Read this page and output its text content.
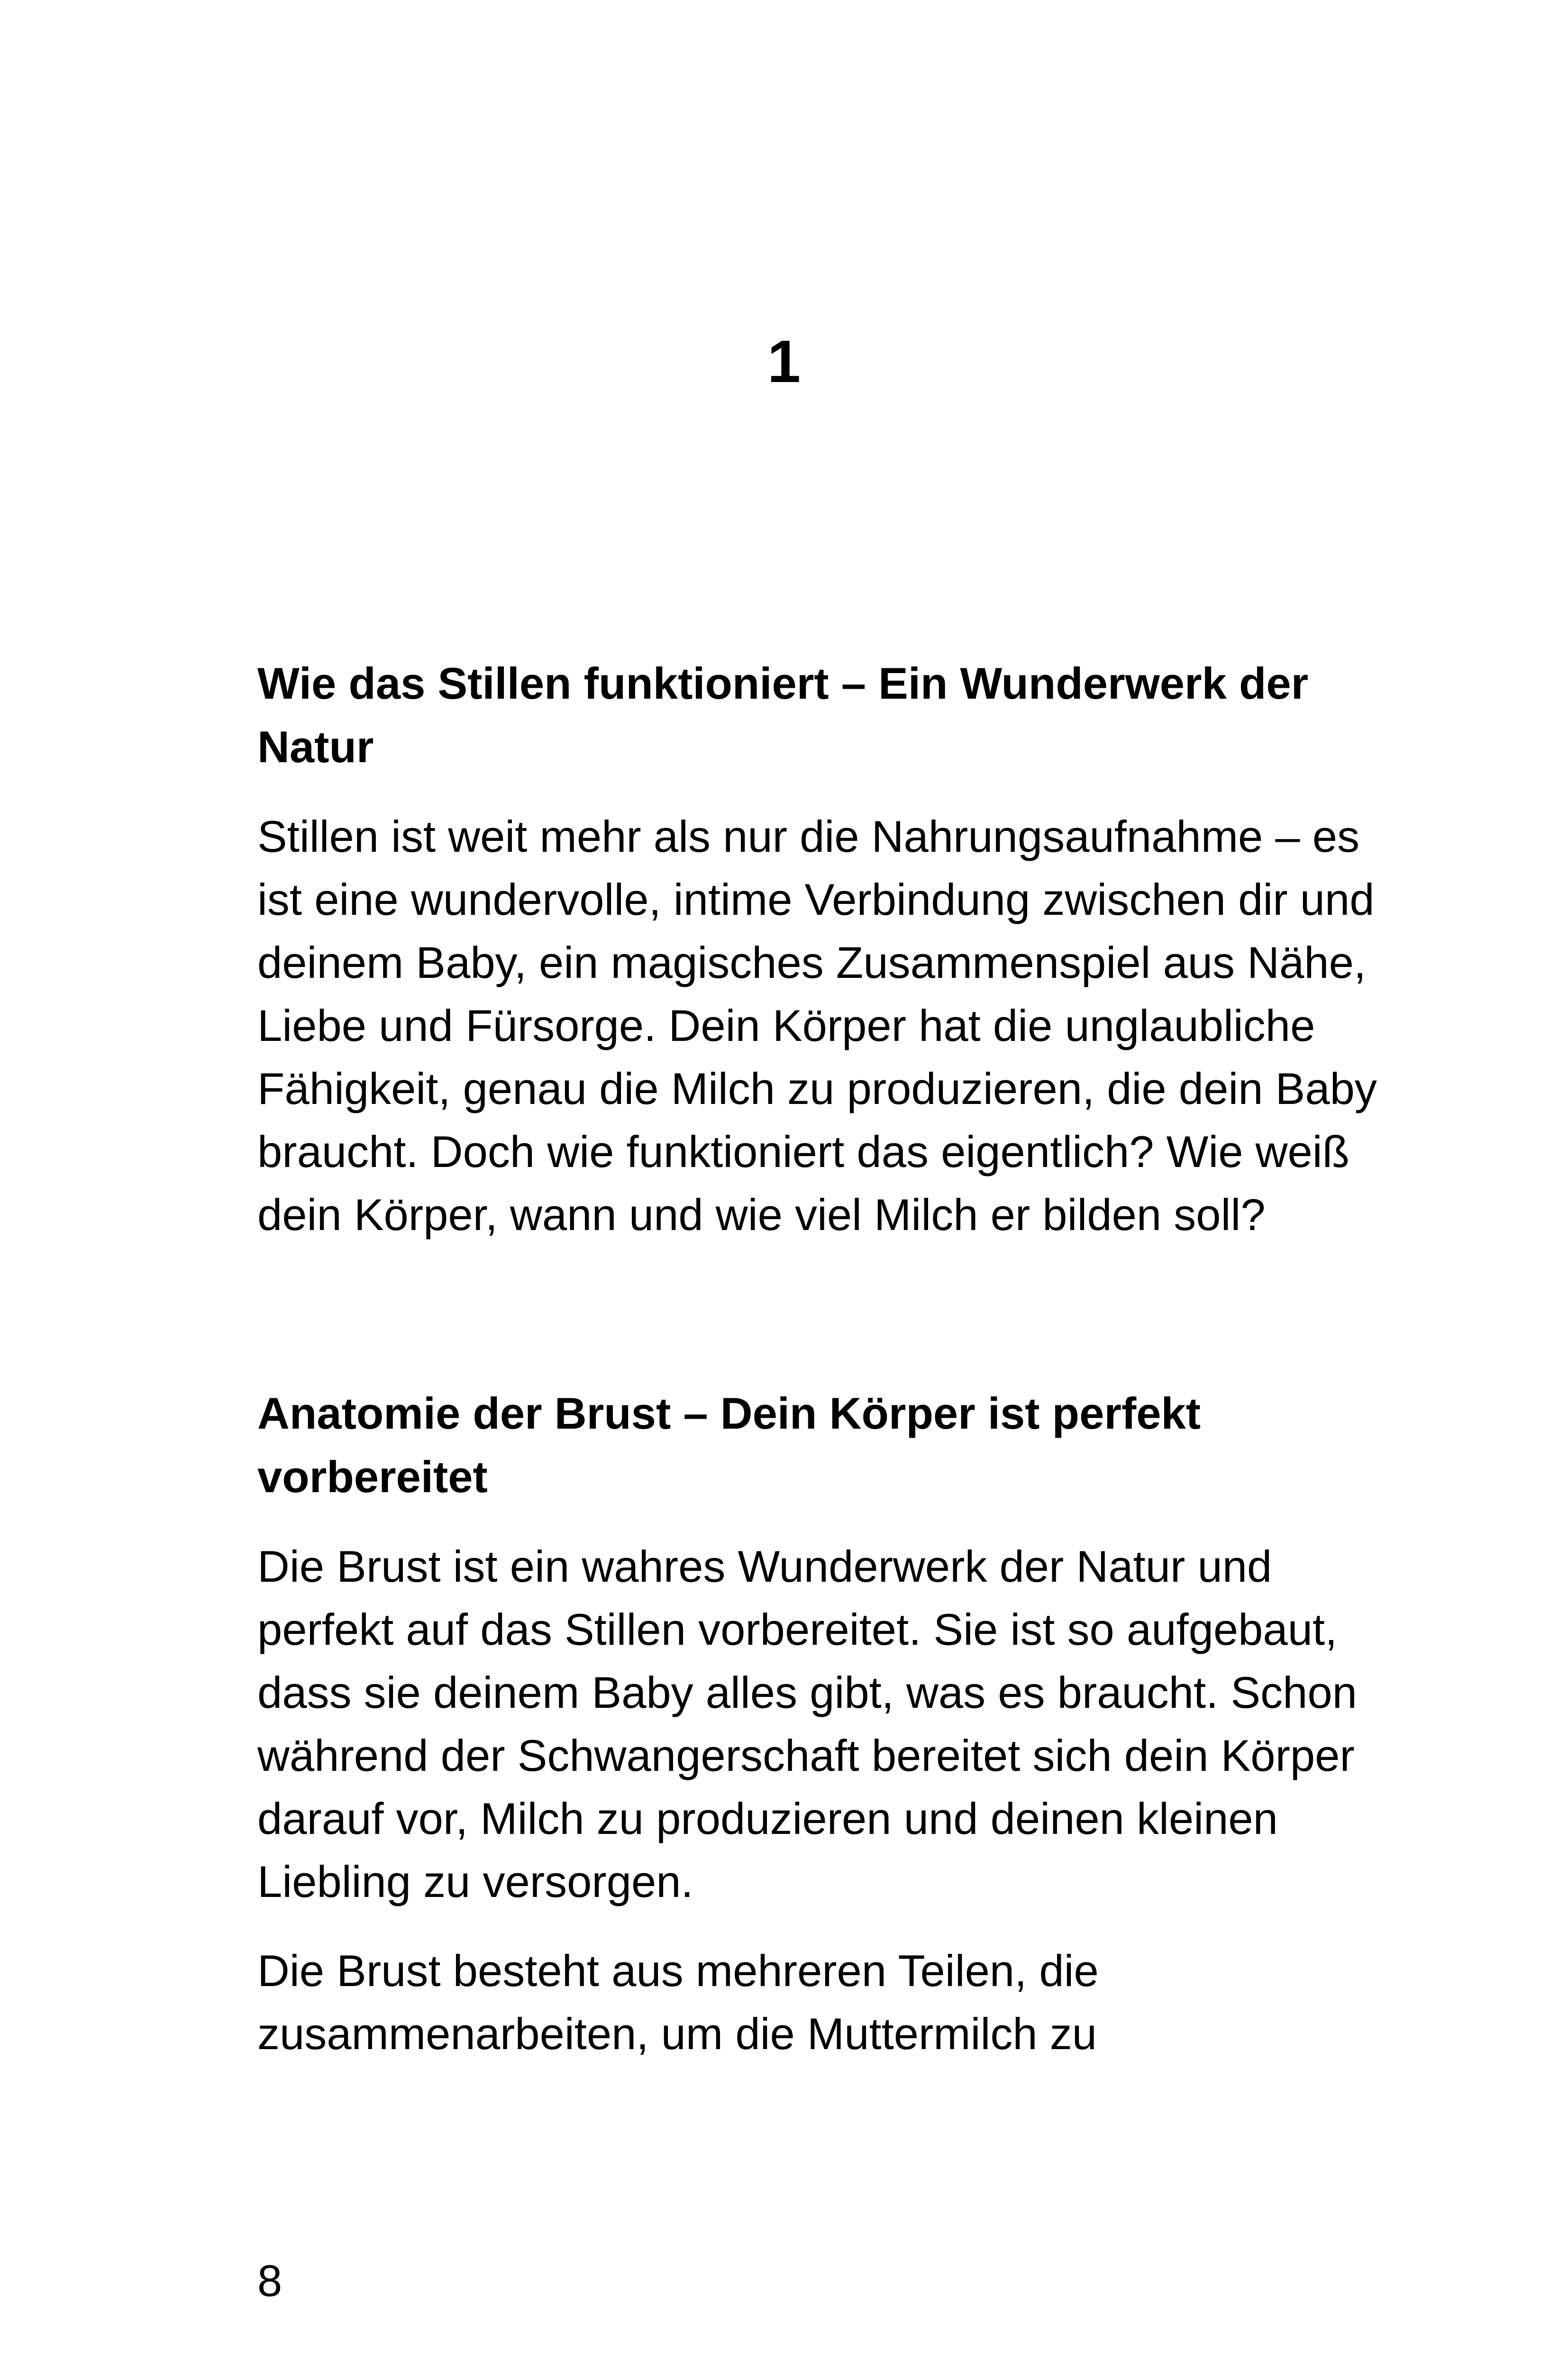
1
Wie das Stillen funktioniert – Ein Wunderwerk der Natur

Stillen ist weit mehr als nur die Nahrungsaufnahme – es ist eine wundervolle, intime Verbindung zwischen dir und deinem Baby, ein magisches Zusammenspiel aus Nähe, Liebe und Fürsorge. Dein Körper hat die unglaubliche Fähigkeit, genau die Milch zu produzieren, die dein Baby braucht. Doch wie funktioniert das eigentlich? Wie weiß dein Körper, wann und wie viel Milch er bilden soll?

Anatomie der Brust – Dein Körper ist perfekt vorbereitet

Die Brust ist ein wahres Wunderwerk der Natur und perfekt auf das Stillen vorbereitet. Sie ist so aufgebaut, dass sie deinem Baby alles gibt, was es braucht. Schon während der Schwangerschaft bereitet sich dein Körper darauf vor, Milch zu produzieren und deinen kleinen Liebling zu versorgen.

Die Brust besteht aus mehreren Teilen, die zusammenarbeiten, um die Muttermilch zu

8
